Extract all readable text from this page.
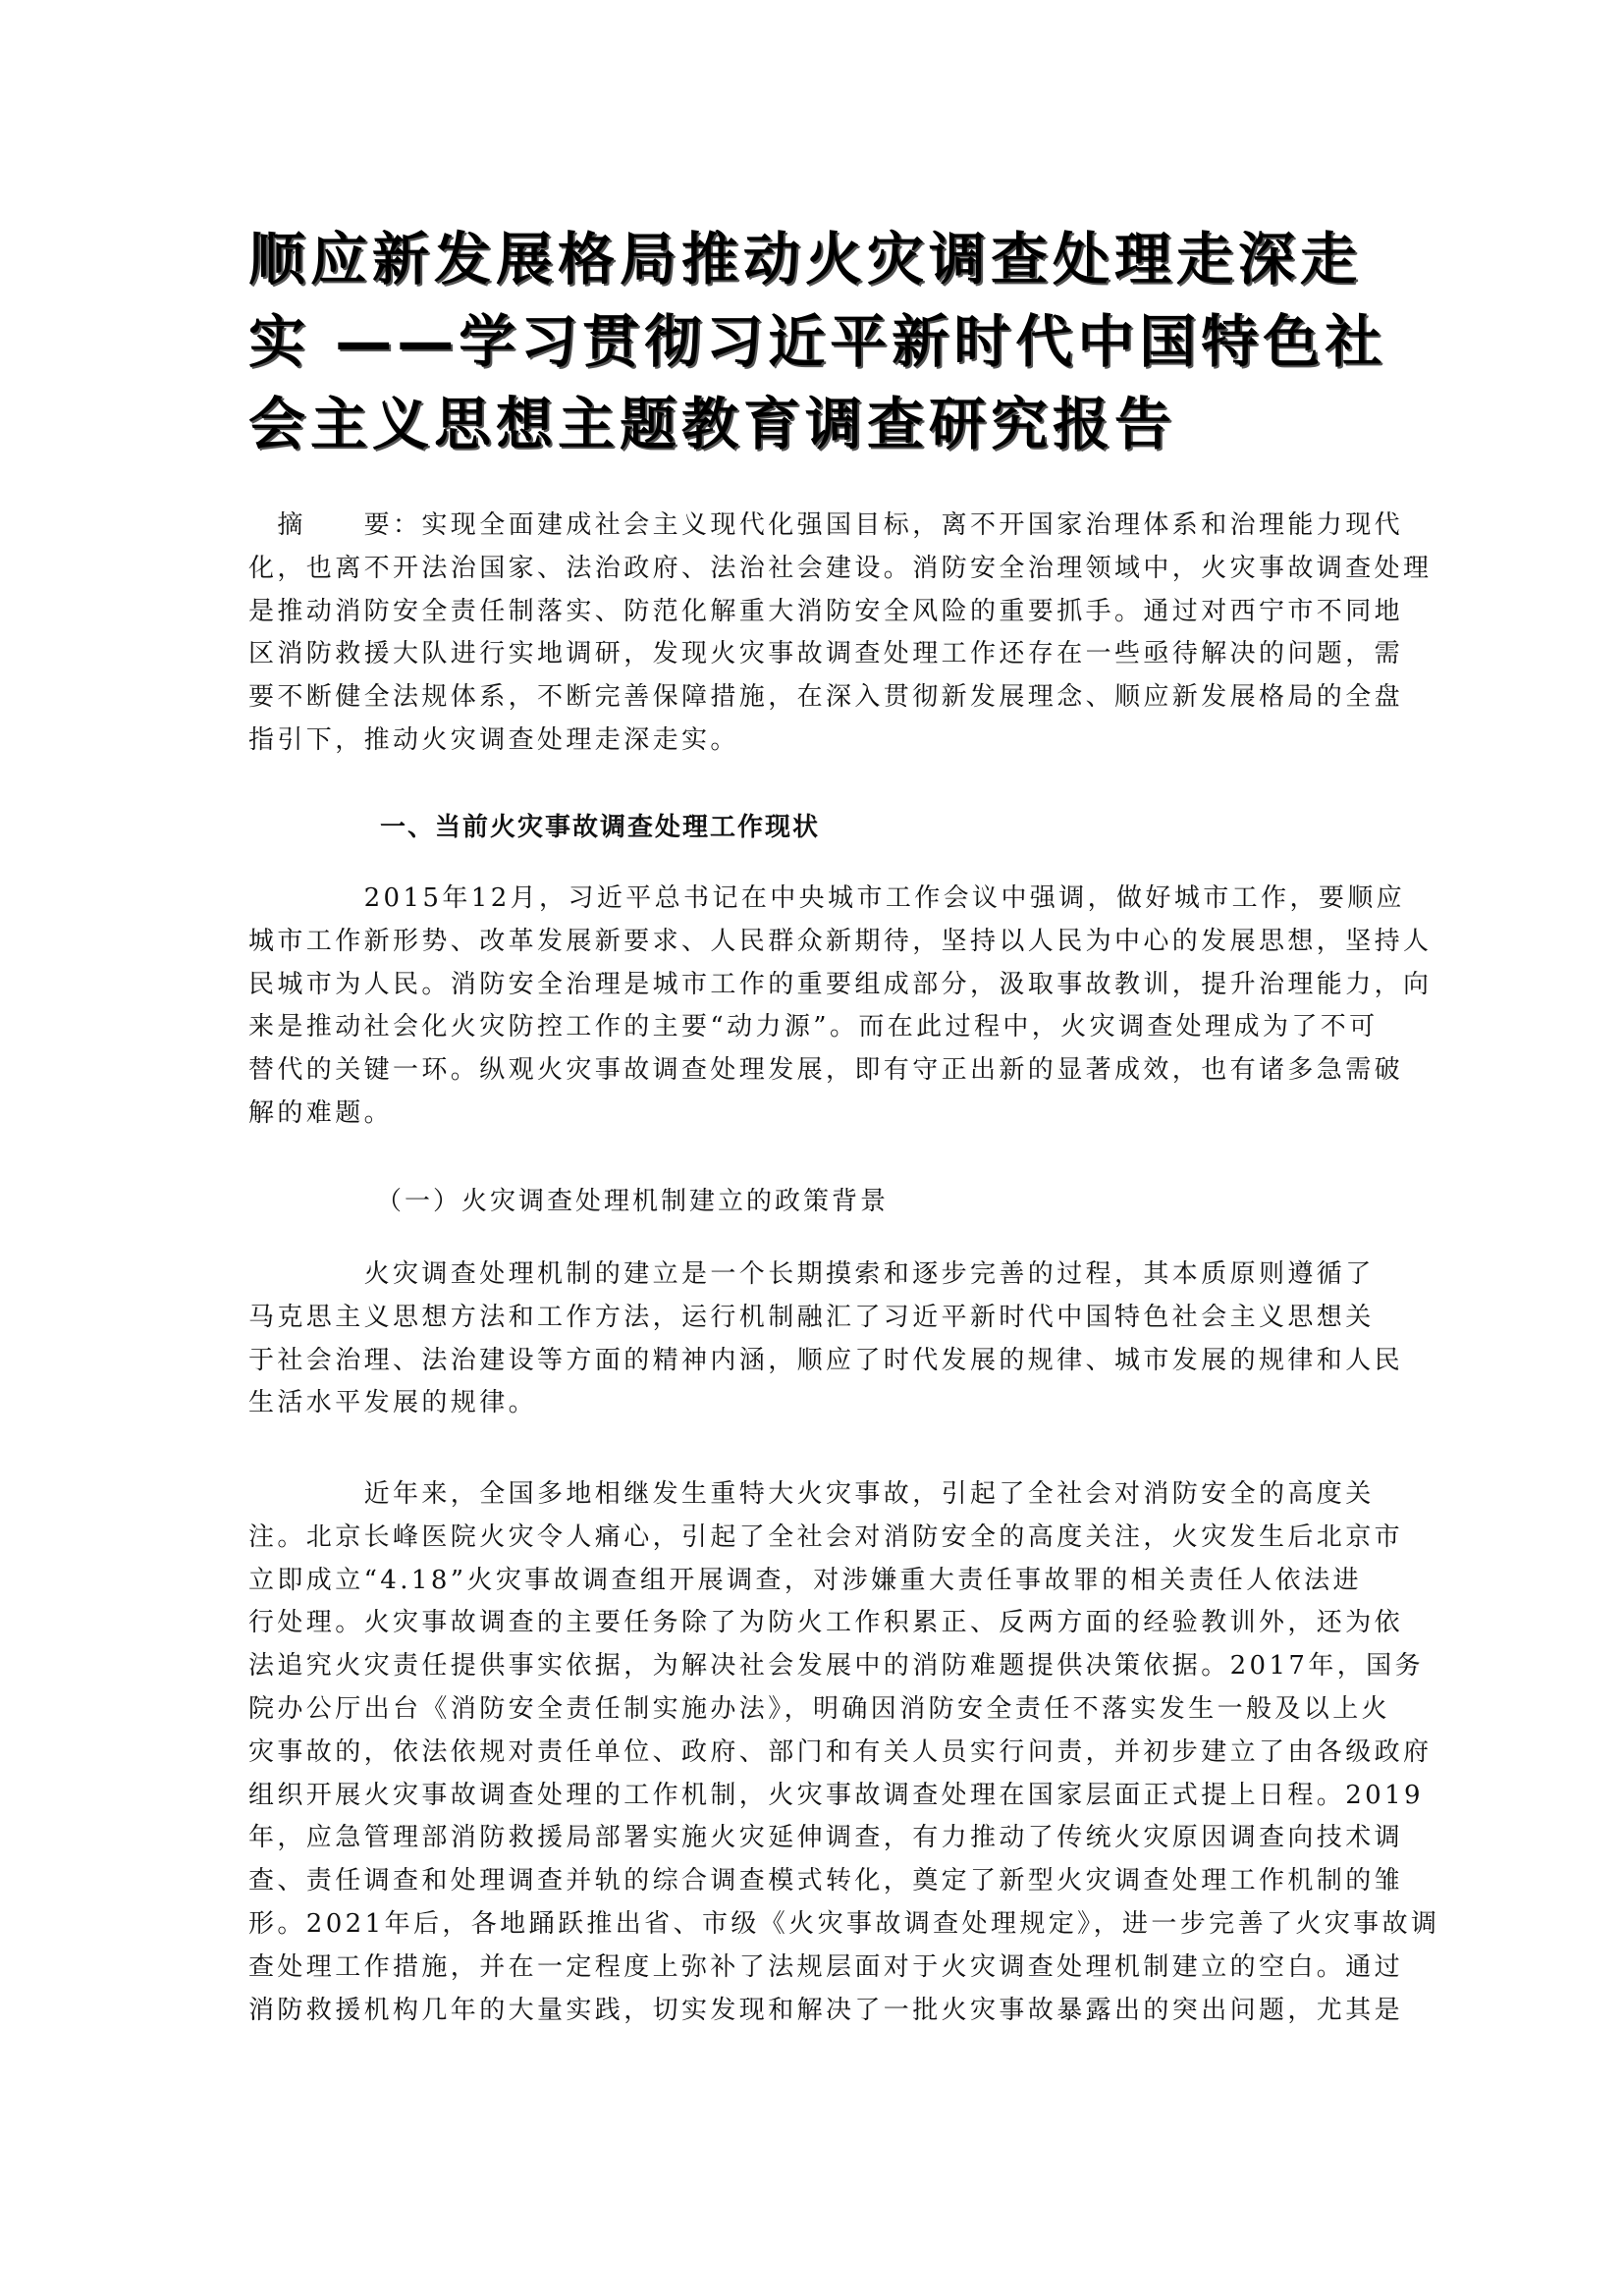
顺应新发展格局推动火灾调查处理走深走
实 ——学习贯彻习近平新时代中国特色社
会主义思想主题教育调查研究报告
　摘　　要：实现全面建成社会主义现代化强国目标，离不开国家治理体系和治理能力现代
化，也离不开法治国家、法治政府、法治社会建设。消防安全治理领域中，火灾事故调查处理
是推动消防安全责任制落实、防范化解重大消防安全风险的重要抓手。通过对西宁市不同地
区消防救援大队进行实地调研，发现火灾事故调查处理工作还存在一些亟待解决的问题，需
要不断健全法规体系，不断完善保障措施，在深入贯彻新发展理念、顺应新发展格局的全盘
指引下，推动火灾调查处理走深走实。
一、当前火灾事故调查处理工作现状
　　　　2015年12月，习近平总书记在中央城市工作会议中强调，做好城市工作，要顺应
城市工作新形势、改革发展新要求、人民群众新期待，坚持以人民为中心的发展思想，坚持人
民城市为人民。消防安全治理是城市工作的重要组成部分，汲取事故教训，提升治理能力，向
来是推动社会化火灾防控工作的主要“动力源”。而在此过程中，火灾调查处理成为了不可
替代的关键一环。纵观火灾事故调查处理发展，即有守正出新的显著成效，也有诸多急需破
解的难题。
（一）火灾调查处理机制建立的政策背景
　　　　火灾调查处理机制的建立是一个长期摸索和逐步完善的过程，其本质原则遵循了
马克思主义思想方法和工作方法，运行机制融汇了习近平新时代中国特色社会主义思想关
于社会治理、法治建设等方面的精神内涵，顺应了时代发展的规律、城市发展的规律和人民
生活水平发展的规律。
　　　　近年来，全国多地相继发生重特大火灾事故，引起了全社会对消防安全的高度关
注。北京长峰医院火灾令人痛心，引起了全社会对消防安全的高度关注，火灾发生后北京市
立即成立“4.18”火灾事故调查组开展调查，对涉嫌重大责任事故罪的相关责任人依法进
行处理。火灾事故调查的主要任务除了为防火工作积累正、反两方面的经验教训外，还为依
法追究火灾责任提供事实依据，为解决社会发展中的消防难题提供决策依据。2017年，国务
院办公厅出台《消防安全责任制实施办法》，明确因消防安全责任不落实发生一般及以上火
灾事故的，依法依规对责任单位、政府、部门和有关人员实行问责，并初步建立了由各级政府
组织开展火灾事故调查处理的工作机制，火灾事故调查处理在国家层面正式提上日程。2019
年，应急管理部消防救援局部署实施火灾延伸调查，有力推动了传统火灾原因调查向技术调
查、责任调查和处理调查并轨的综合调查模式转化，奠定了新型火灾调查处理工作机制的雏
形。2021年后，各地踊跃推出省、市级《火灾事故调查处理规定》，进一步完善了火灾事故调
查处理工作措施，并在一定程度上弥补了法规层面对于火灾调查处理机制建立的空白。通过
消防救援机构几年的大量实践，切实发现和解决了一批火灾事故暴露出的突出问题，尤其是
